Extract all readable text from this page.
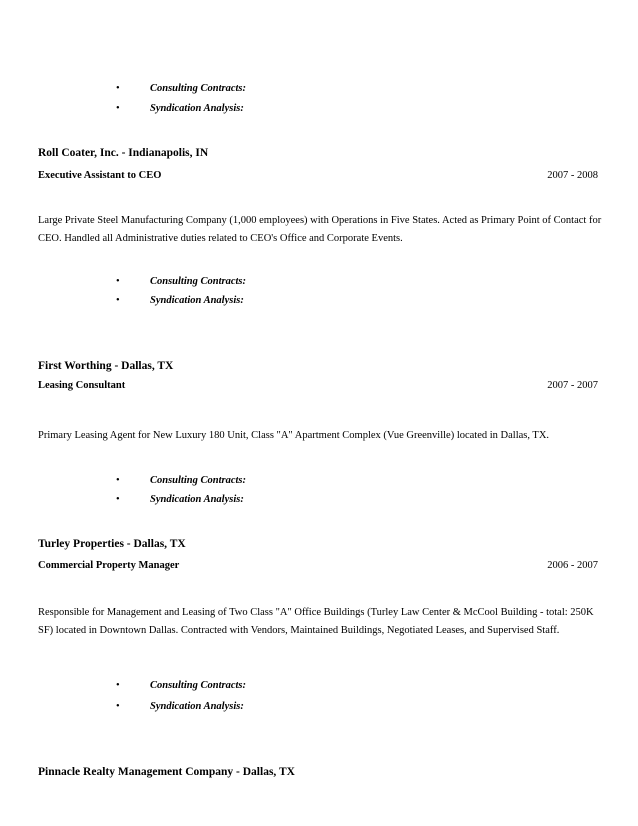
•	Consulting Contracts:
•	Syndication Analysis:
Roll Coater, Inc. - Indianapolis, IN
Executive Assistant to CEO	2007 - 2008
Large Private Steel Manufacturing Company (1,000 employees) with Operations in Five States. Acted as Primary Point of Contact for CEO. Handled all Administrative duties related to CEO's Office and Corporate Events.
•	Consulting Contracts:
•	Syndication Analysis:
First Worthing - Dallas, TX
Leasing Consultant	2007 - 2007
Primary Leasing Agent for New Luxury 180 Unit, Class "A" Apartment Complex (Vue Greenville) located in Dallas, TX.
•	Consulting Contracts:
•	Syndication Analysis:
Turley Properties - Dallas, TX
Commercial Property Manager	2006 - 2007
Responsible for Management and Leasing of Two Class "A" Office Buildings (Turley Law Center & McCool Building - total: 250K SF) located in Downtown Dallas. Contracted with Vendors, Maintained Buildings, Negotiated Leases, and Supervised Staff.
•	Consulting Contracts:
•	Syndication Analysis:
Pinnacle Realty Management Company - Dallas, TX
